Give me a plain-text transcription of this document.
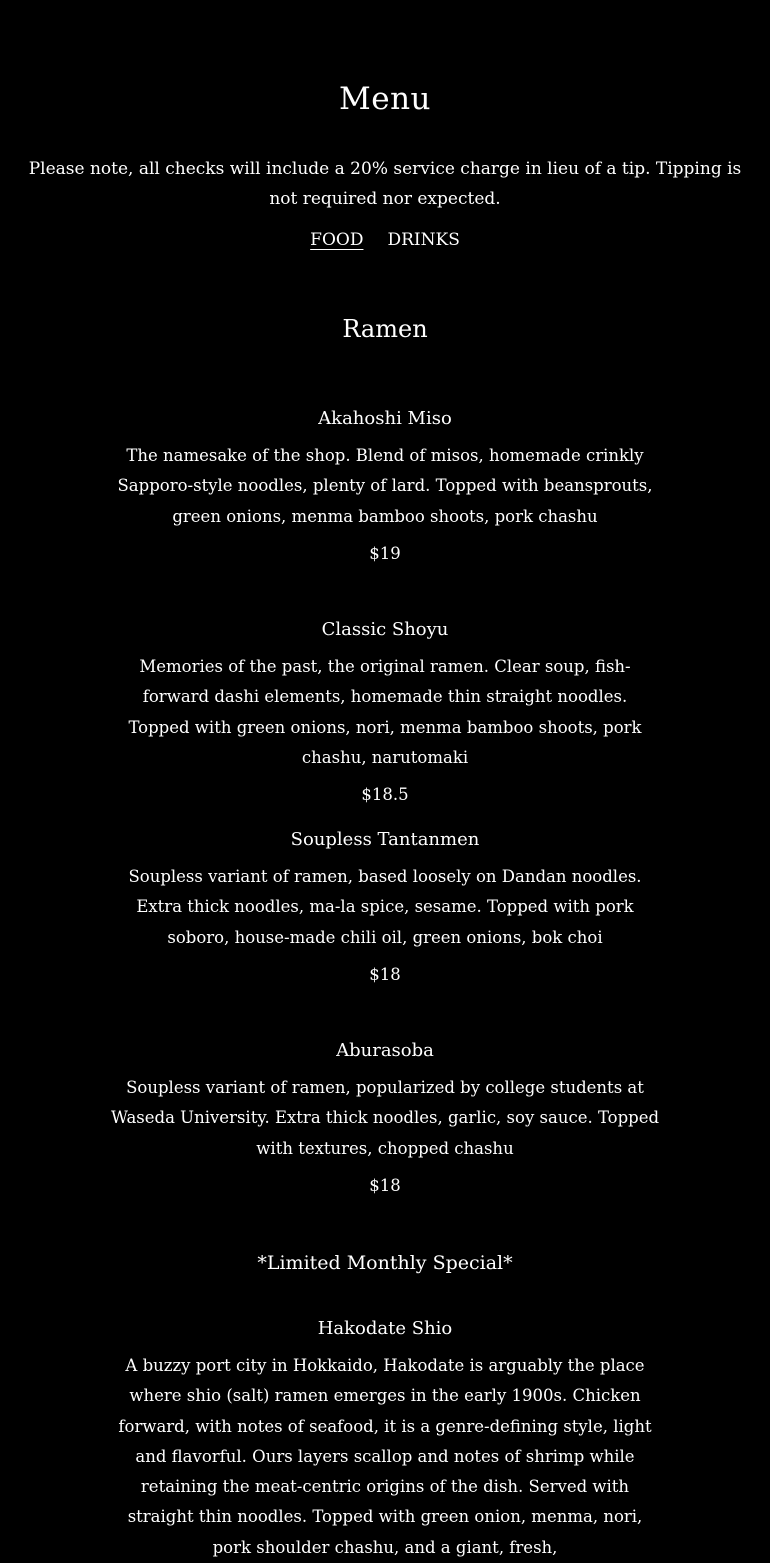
Menu

Please note, all checks will include a 20% service charge in lieu of a tip. Tipping is not required nor expected.

FOOD DRINKS
Ramen
Akahoshi Miso

The namesake of the shop. Blend of misos, homemade crinkly Sapporo-style noodles, plenty of lard. Topped with beansprouts, green onions, menma bamboo shoots, pork chashu

$19

Classic Shoyu

Memories of the past, the original ramen. Clear soup, fish-forward dashi elements, homemade thin straight noodles. Topped with green onions, nori, menma bamboo shoots, pork chashu, narutomaki

$18.5

Soupless Tantanmen

Soupless variant of ramen, based loosely on Dandan noodles. Extra thick noodles, ma-la spice, sesame. Topped with pork soboro, house-made chili oil, green onions, bok choi

$18

Aburasoba

Soupless variant of ramen, popularized by college students at Waseda University. Extra thick noodles, garlic, soy sauce. Topped with textures, chopped chashu

$18

*Limited Monthly Special*

Hakodate Shio

A buzzy port city in Hokkaido, Hakodate is arguably the place where shio (salt) ramen emerges in the early 1900s. Chicken forward, with notes of seafood, it is a genre-defining style, light and flavorful. Ours layers scallop and notes of shrimp while retaining the meat-centric origins of the dish. Served with straight thin noodles. Topped with green onion, menma, nori, pork shoulder chashu, and a giant, fresh,
